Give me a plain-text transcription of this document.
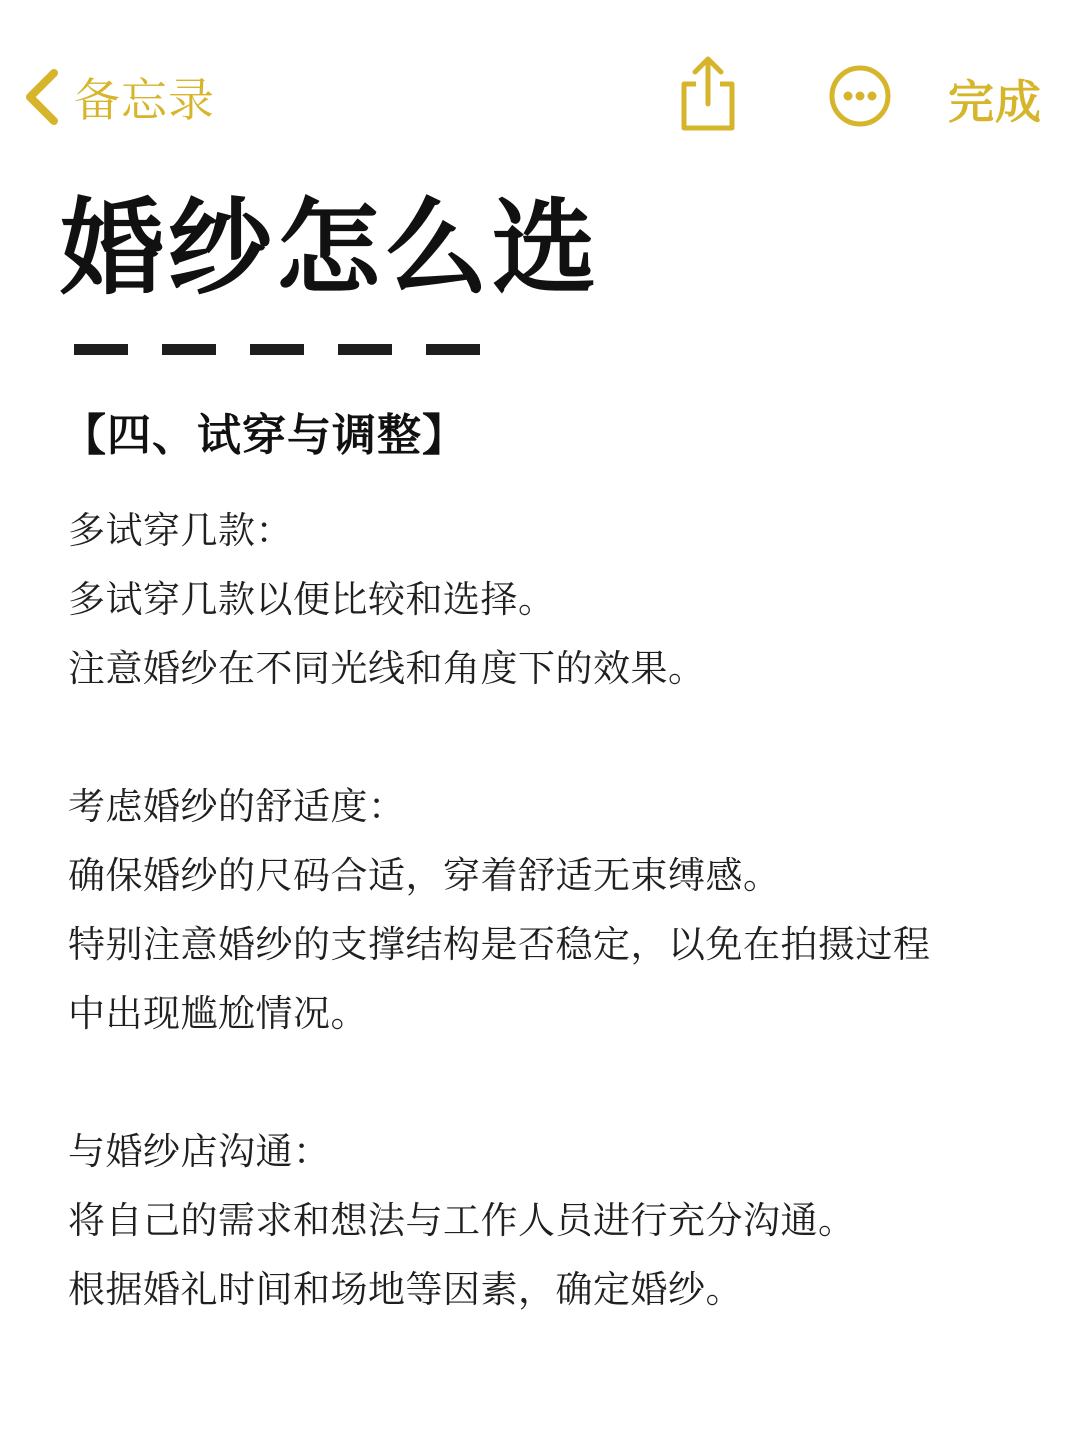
备忘录	完成
婚纱怎么选
【四、试穿与调整】
多试穿几款：
多试穿几款以便比较和选择。
注意婚纱在不同光线和角度下的效果。
考虑婚纱的舒适度：
确保婚纱的尺码合适，穿着舒适无束缚感。
特别注意婚纱的支撑结构是否稳定，以免在拍摄过程
中出现尴尬情况。
与婚纱店沟通：
将自己的需求和想法与工作人员进行充分沟通。
根据婚礼时间和场地等因素，确定婚纱。
